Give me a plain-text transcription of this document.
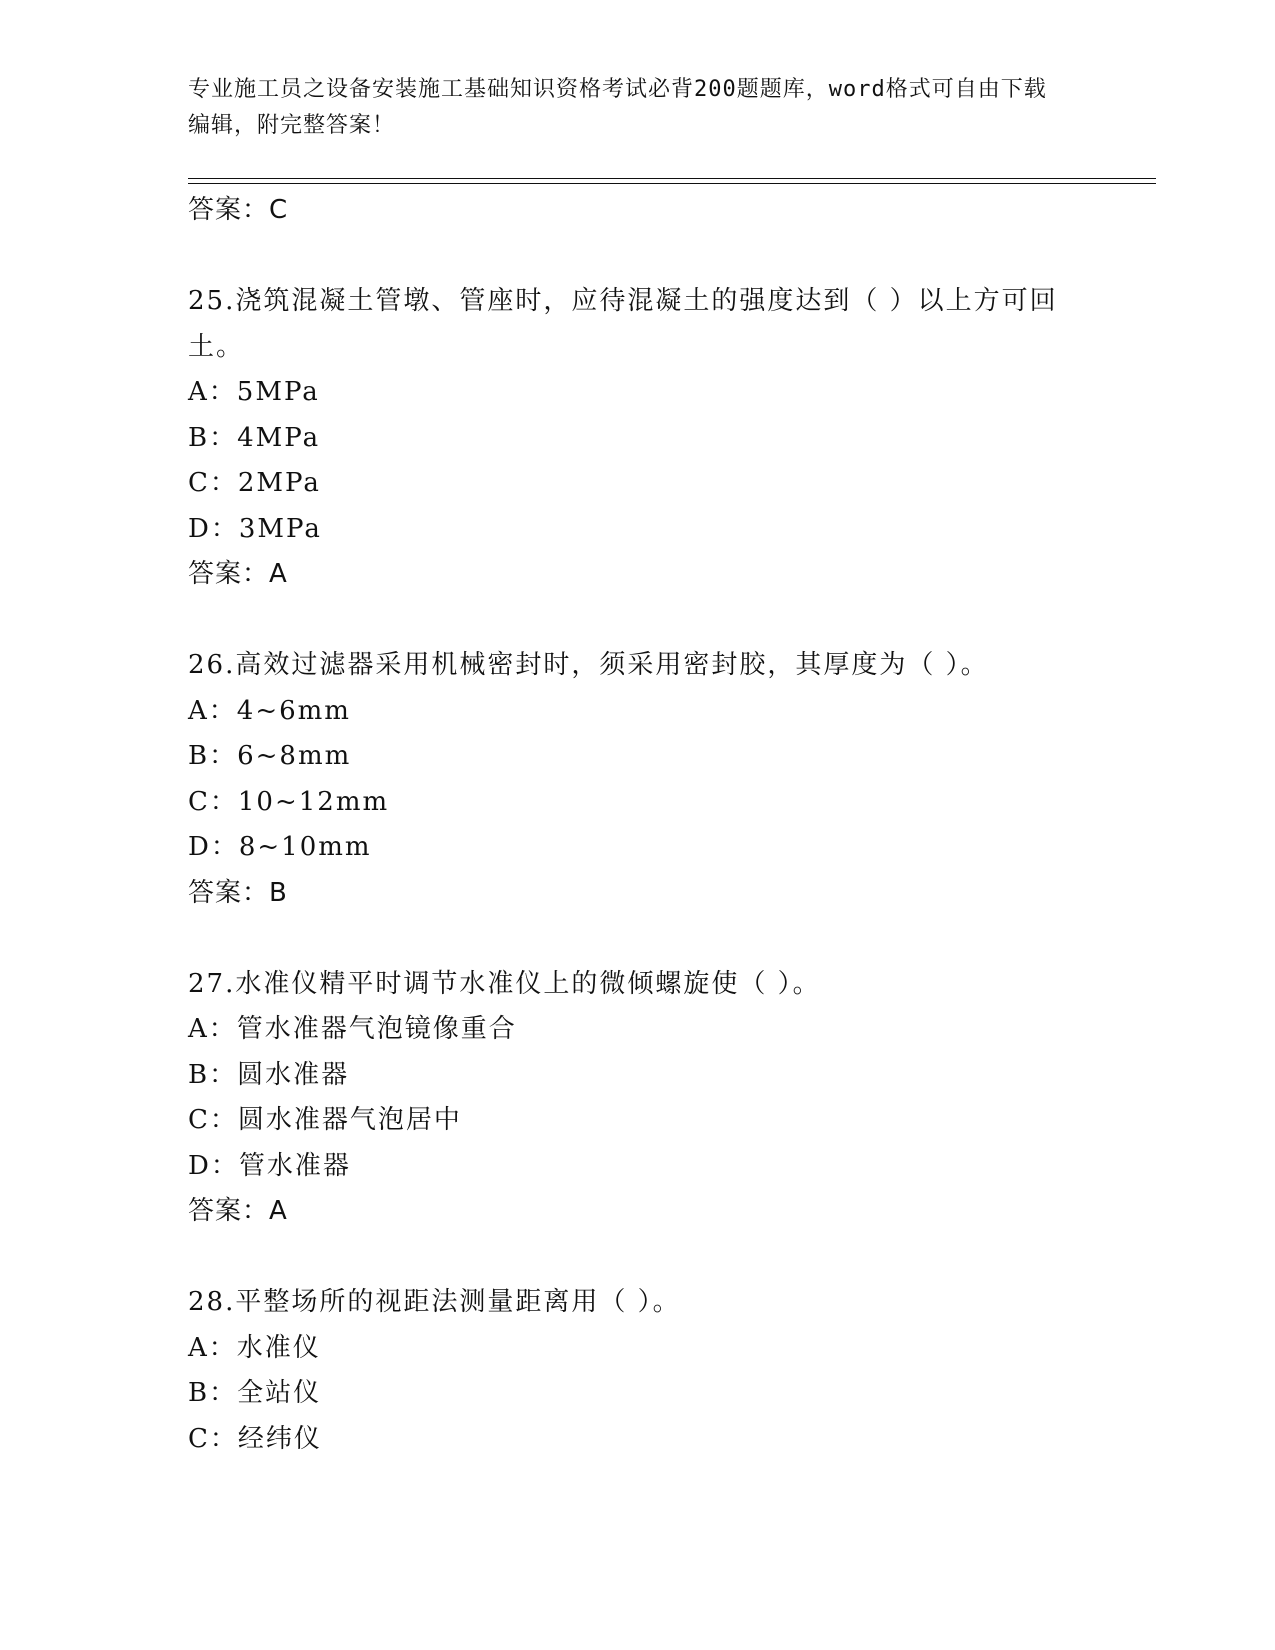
专业施工员之设备安装施工基础知识资格考试必背200题题库，word格式可自由下载编辑，附完整答案！
答案：C
25.浇筑混凝土管墩、管座时，应待混凝土的强度达到（ ）以上方可回土。
A：5MPa
B：4MPa
C：2MPa
D：3MPa
答案：A
26.高效过滤器采用机械密封时，须采用密封胶，其厚度为（ ）。
A：4~6mm
B：6~8mm
C：10~12mm
D：8~10mm
答案：B
27.水准仪精平时调节水准仪上的微倾螺旋使（ ）。
A：管水准器气泡镜像重合
B：圆水准器
C：圆水准器气泡居中
D：管水准器
答案：A
28.平整场所的视距法测量距离用（ ）。
A：水准仪
B：全站仪
C：经纬仪
